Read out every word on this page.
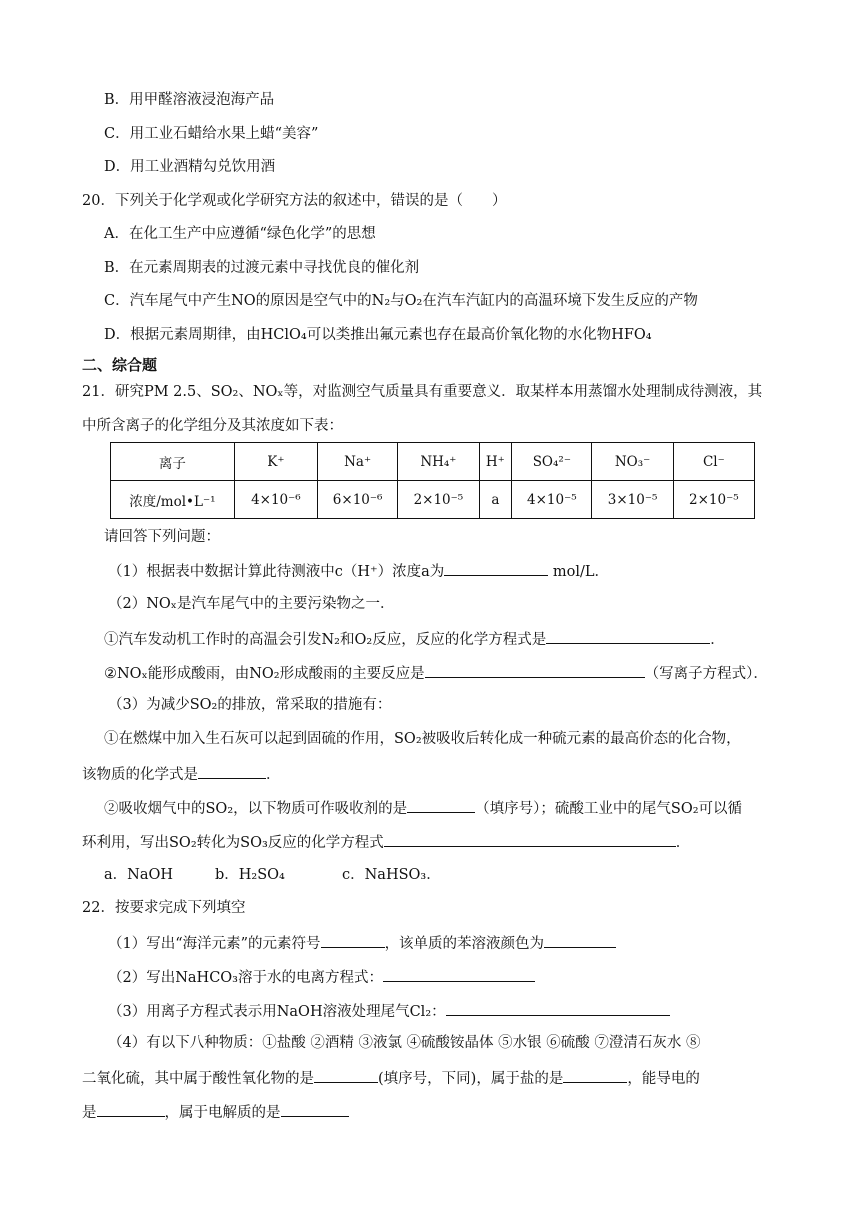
B．用甲醛溶液浸泡海产品
C．用工业石蜡给水果上蜡“美容”
D．用工业酒精勾兑饮用酒
20．下列关于化学观或化学研究方法的叙述中，错误的是（　　）
A．在化工生产中应遵循“绿色化学”的思想
B．在元素周期表的过渡元素中寻找优良的催化剂
C．汽车尾气中产生NO的原因是空气中的N₂与O₂在汽车汽缸内的高温环境下发生反应的产物
D．根据元素周期律，由HClO₄可以类推出氟元素也存在最高价氧化物的水化物HFO₄
二、综合题
21．研究PM 2.5、SO₂、NOₓ等，对监测空气质量具有重要意义．取某样本用蒸馏水处理制成待测液，其
中所含离子的化学组分及其浓度如下表：
离子	K⁺	Na⁺	NH₄⁺	H⁺	SO₄²⁻	NO₃⁻	Cl⁻
浓度/mol•L⁻¹	4×10⁻⁶	6×10⁻⁶	2×10⁻⁵	a	4×10⁻⁵	3×10⁻⁵	2×10⁻⁵
请回答下列问题：
（1）根据表中数据计算此待测液中c（H⁺）浓度a为	mol/L．
（2）NOₓ是汽车尾气中的主要污染物之一．
①汽车发动机工作时的高温会引发N₂和O₂反应，反应的化学方程式是	．
②NOₓ能形成酸雨，由NO₂形成酸雨的主要反应是	（写离子方程式）．
（3）为减少SO₂的排放，常采取的措施有：
①在燃煤中加入生石灰可以起到固硫的作用，SO₂被吸收后转化成一种硫元素的最高价态的化合物，
该物质的化学式是	．
②吸收烟气中的SO₂，以下物质可作吸收剂的是	（填序号）；硫酸工业中的尾气SO₂可以循
环利用，写出SO₂转化为SO₃反应的化学方程式	．
a．NaOH	b．H₂SO₄	c．NaHSO₃．
22．按要求完成下列填空
（1）写出“海洋元素”的元素符号	，该单质的苯溶液颜色为
（2）写出NaHCO₃溶于水的电离方程式：
（3）用离子方程式表示用NaOH溶液处理尾气Cl₂：
（4）有以下八种物质：①盐酸 ②酒精 ③液氯 ④硫酸铵晶体 ⑤水银 ⑥硫酸 ⑦澄清石灰水 ⑧
二氧化硫，其中属于酸性氧化物的是	(填序号，下同)，属于盐的是	，能导电的
是	，属于电解质的是
